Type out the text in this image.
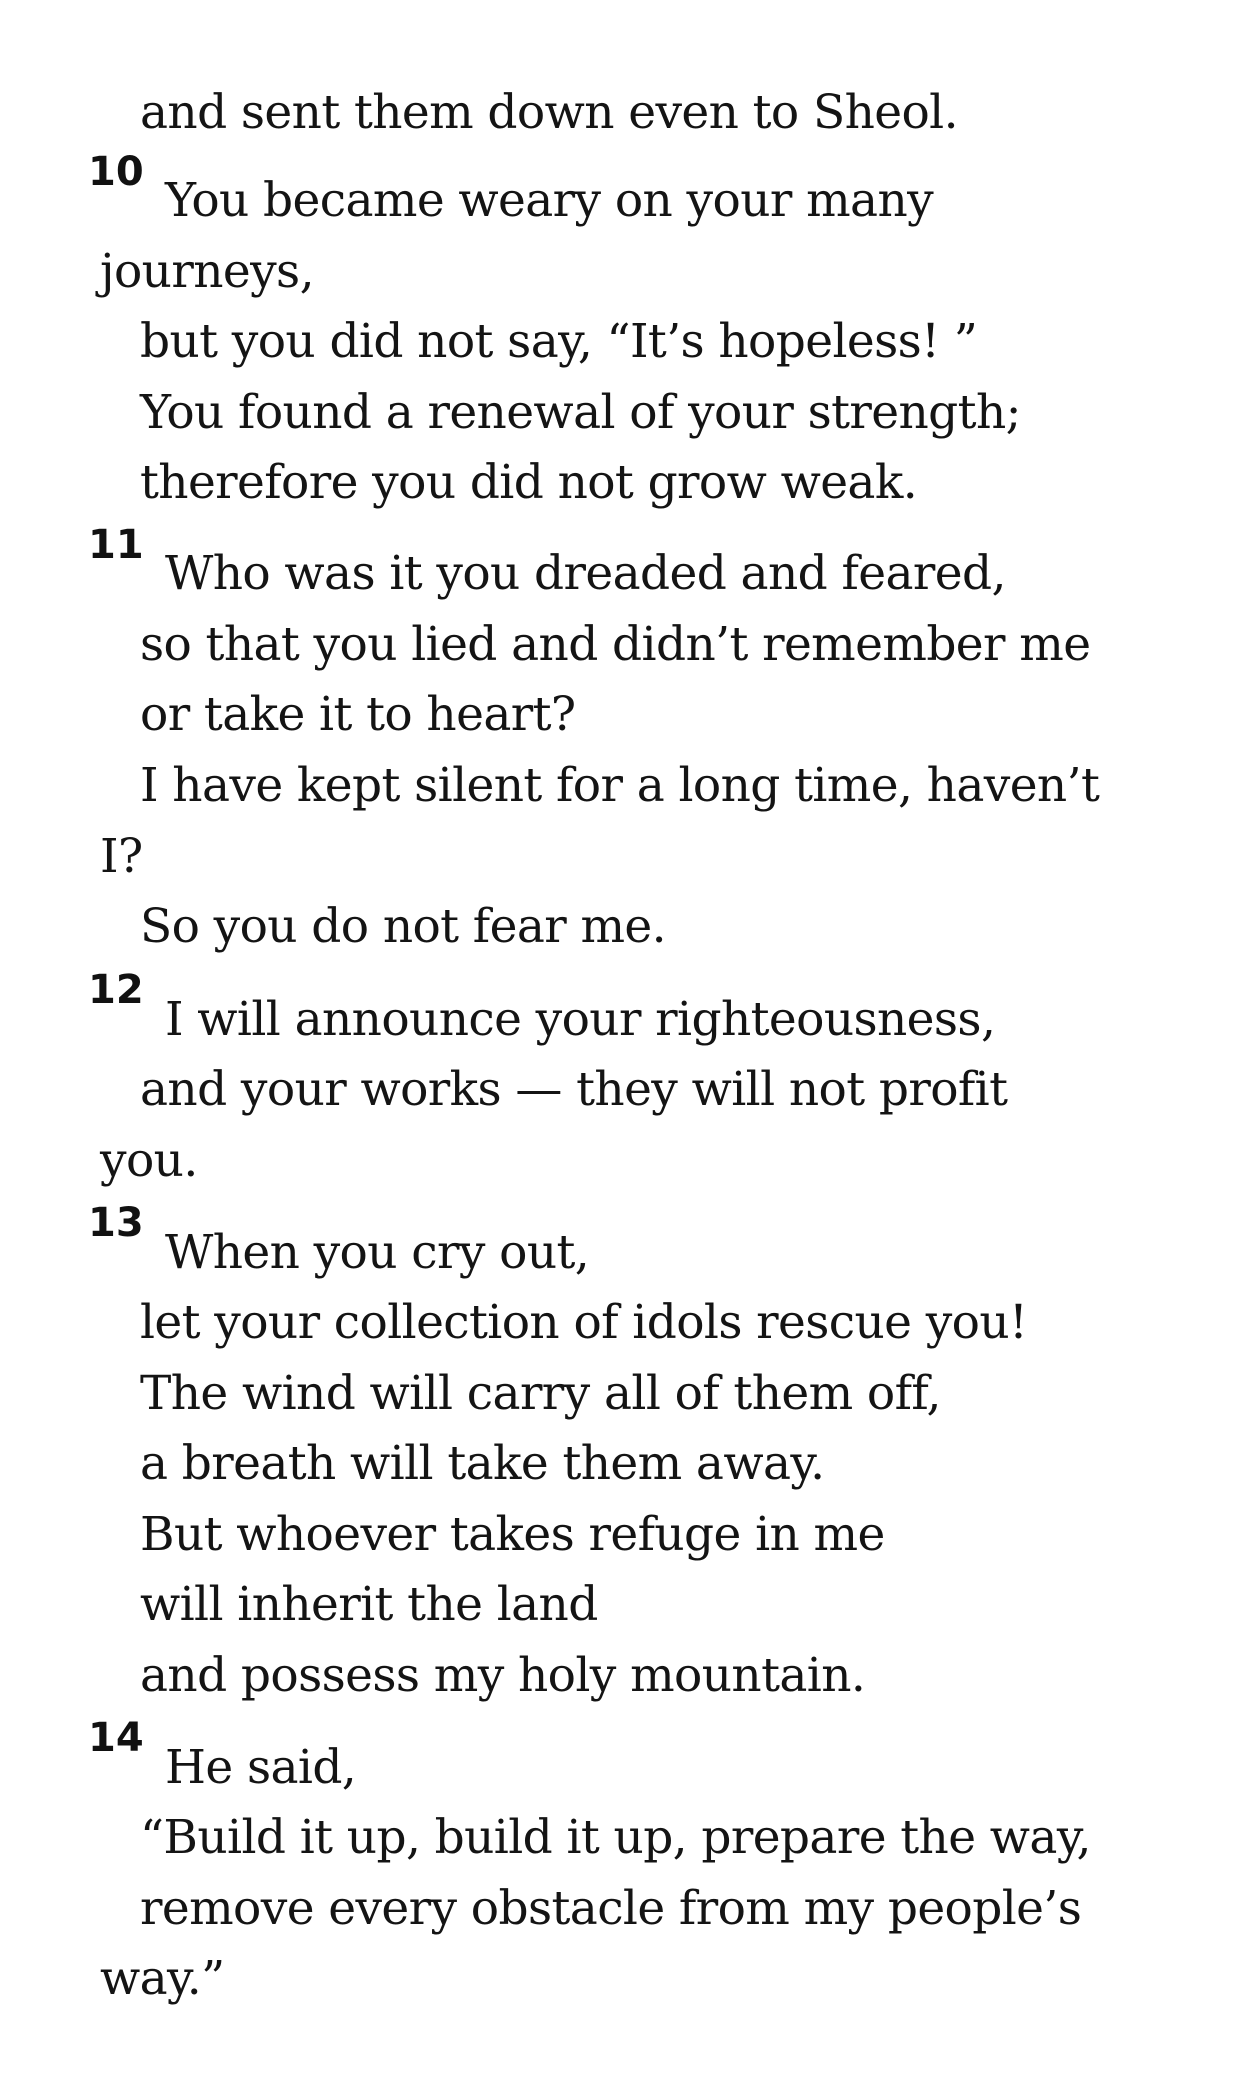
and sent them down even to Sheol.
10
You became weary on your many
journeys,
but you did not say, “It’s hopeless! ”
You found a renewal of your strength;
therefore you did not grow weak.
11
Who was it you dreaded and feared,
so that you lied and didn’t remember me
or take it to heart?
I have kept silent for a long time, haven’t
I?
So you do not fear me.
12
I will announce your righteousness,
and your works — they will not profit
you.
13
When you cry out,
let your collection of idols rescue you!
The wind will carry all of them off,
a breath will take them away.
But whoever takes refuge in me
will inherit the land
and possess my holy mountain.
14
He said,
“Build it up, build it up, prepare the way,
remove every obstacle from my people’s
way.”
